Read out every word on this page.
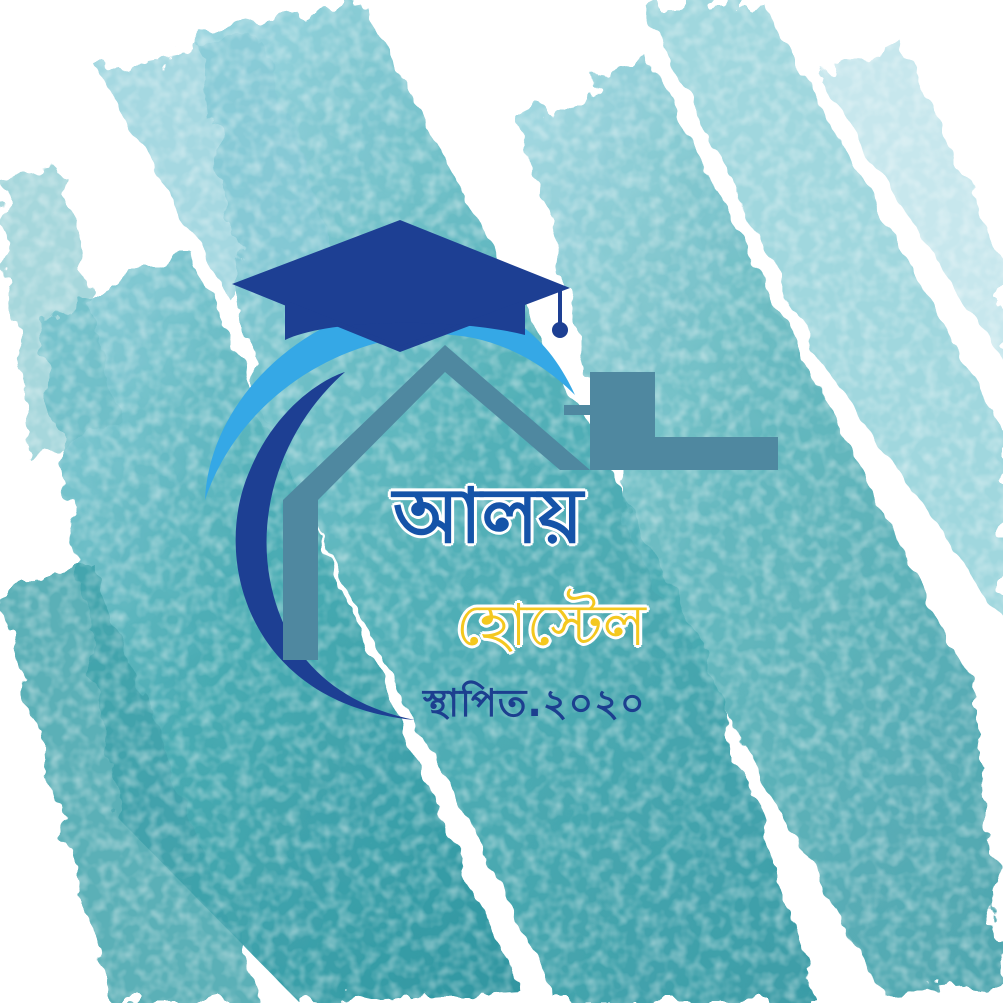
আলয়
হোস্টেল
স্থাপিত.২০২০
